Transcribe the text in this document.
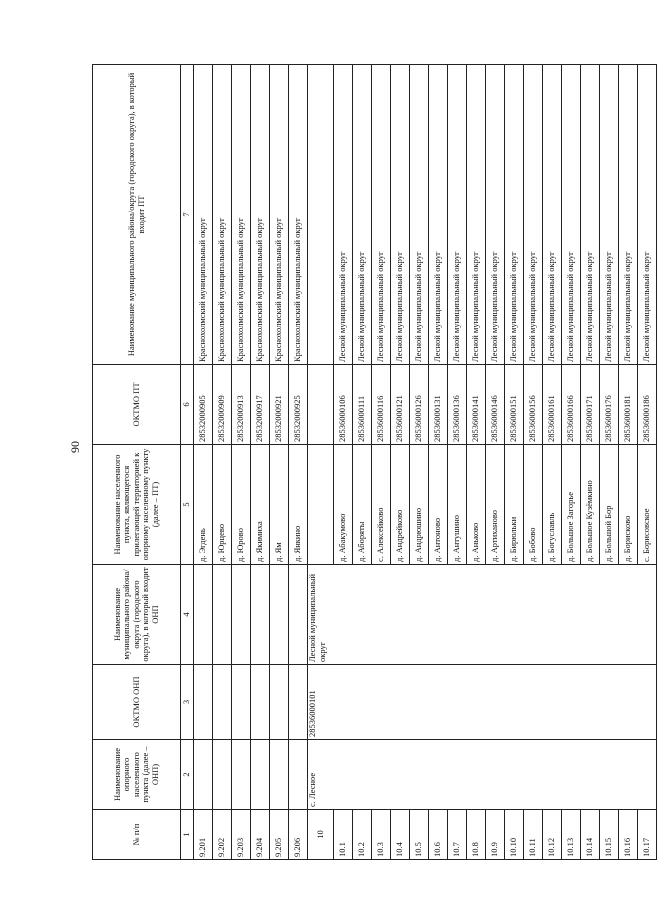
90
№ п/п	Наименование опорного населенного пункта (далее – ОНП)	ОКТМО ОНП	Наименование муниципального района/округа (городского округа), в который входит ОНП	Наименование населенного пункта, являющегося прилегающей территорией к опорному населенному пункту (далее – ПТ)	ОКТМО ПТ	Наименование муниципального района/округа (городского округа), в который входит ПТ
1	2	3	4	5	6	7
9.201				д. Эгдень	28532000905	Краснохолмский муниципальный округ
9.202				д. Юрцево	28532000909	Краснохолмский муниципальный округ
9.203				д. Юрово	28532000913	Краснохолмский муниципальный округ
9.204				д. Якимиха	28532000917	Краснохолмский муниципальный округ
9.205				д. Ям	28532000921	Краснохолмский муниципальный округ
9.206				д. Янкино	28532000925	Краснохолмский муниципальный округ
10	с. Лесное	28536000101	Лесной муниципальный округ			
10.1				д. Абакумово	28536000106	Лесной муниципальный округ
10.2				д. Аборяты	28536000111	Лесной муниципальный округ
10.3				с. Алексейково	28536000116	Лесной муниципальный округ
10.4				д. Андрейково	28536000121	Лесной муниципальный округ
10.5				д. Андрюшино	28536000126	Лесной муниципальный округ
10.6				д. Антоново	28536000131	Лесной муниципальный округ
10.7				д. Антушино	28536000136	Лесной муниципальный округ
10.8				д. Аньково	28536000141	Лесной муниципальный округ
10.9				д. Артиханово	28536000146	Лесной муниципальный округ
10.10				д. Бирюльки	28536000151	Лесной муниципальный округ
10.11				д. Бобово	28536000156	Лесной муниципальный округ
10.12				д. Богуславль	28536000161	Лесной муниципальный округ
10.13				д. Большое Загорье	28536000166	Лесной муниципальный округ
10.14				д. Большое Кузёмкино	28536000171	Лесной муниципальный округ
10.15				д. Большой Бор	28536000176	Лесной муниципальный округ
10.16				д. Борисково	28536000181	Лесной муниципальный округ
10.17				с. Борисовское	28536000186	Лесной муниципальный округ
